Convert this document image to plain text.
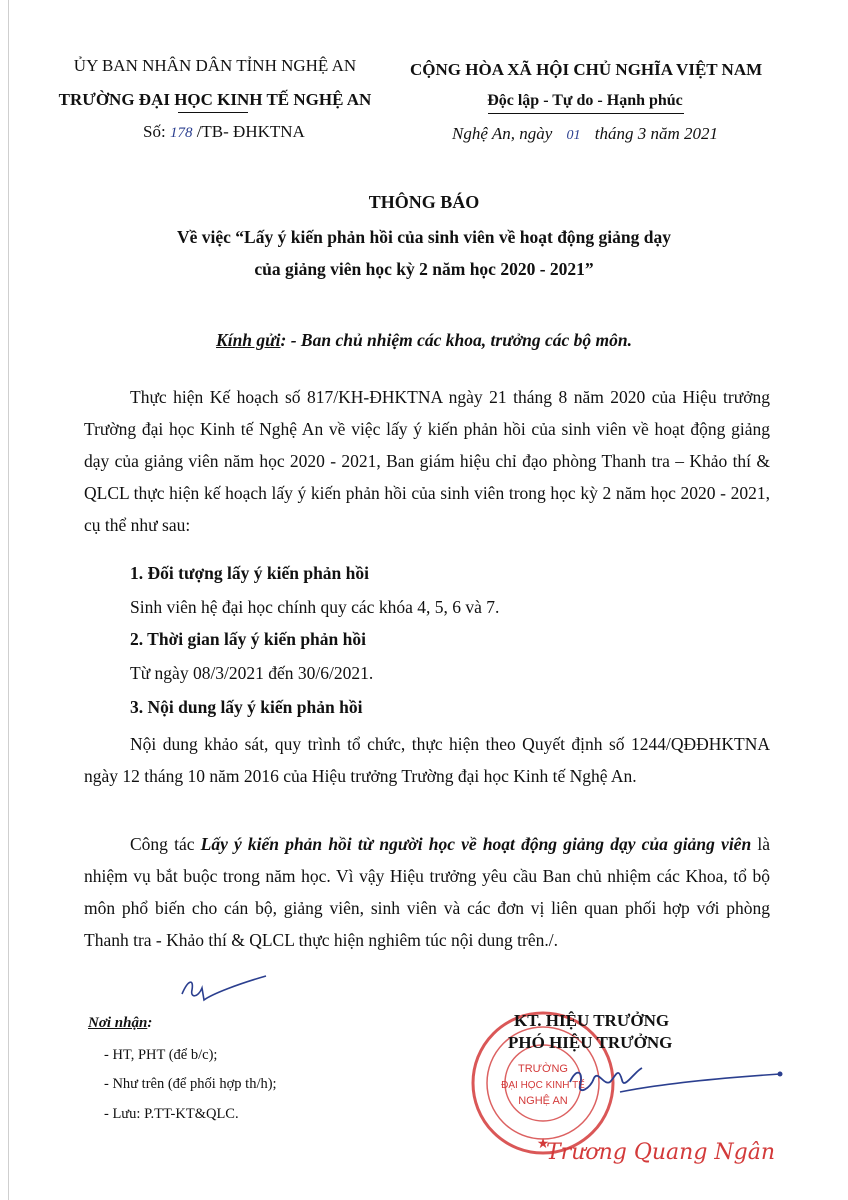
ỦY BAN NHÂN DÂN TỈNH NGHỆ AN
TRƯỜNG ĐẠI HỌC KINH TẾ NGHỆ AN
Số: 178 /TB- ĐHKTNA
CỘNG HÒA XÃ HỘI CHỦ NGHĨA VIỆT NAM
Độc lập - Tự do - Hạnh phúc
Nghệ An, ngày 01 tháng 3 năm 2021
THÔNG BÁO
Về việc “Lấy ý kiến phản hồi của sinh viên về hoạt động giảng dạy
của giảng viên học kỳ 2 năm học 2020 - 2021”
Kính gửi: - Ban chủ nhiệm các khoa, trưởng các bộ môn.
Thực hiện Kế hoạch số 817/KH-ĐHKTNA ngày 21 tháng 8 năm 2020 của Hiệu trưởng Trường đại học Kinh tế Nghệ An về việc lấy ý kiến phản hồi của sinh viên về hoạt động giảng dạy của giảng viên năm học 2020 - 2021, Ban giám hiệu chỉ đạo phòng Thanh tra – Khảo thí & QLCL thực hiện kế hoạch lấy ý kiến phản hồi của sinh viên trong học kỳ 2 năm học 2020 - 2021, cụ thể như sau:
1. Đối tượng lấy ý kiến phản hồi
Sinh viên hệ đại học chính quy các khóa 4, 5, 6 và 7.
2. Thời gian lấy ý kiến phản hồi
Từ ngày 08/3/2021 đến 30/6/2021.
3. Nội dung lấy ý kiến phản hồi
Nội dung khảo sát, quy trình tổ chức, thực hiện theo Quyết định số 1244/QĐĐHKTNA ngày 12 tháng 10 năm 2016 của Hiệu trưởng Trường đại học Kinh tế Nghệ An.
Công tác Lấy ý kiến phản hồi từ người học về hoạt động giảng dạy của giảng viên là nhiệm vụ bắt buộc trong năm học. Vì vậy Hiệu trưởng yêu cầu Ban chủ nhiệm các Khoa, tổ bộ môn phổ biến cho cán bộ, giảng viên, sinh viên và các đơn vị liên quan phối hợp với phòng Thanh tra - Khảo thí & QLCL thực hiện nghiêm túc nội dung trên./.
Nơi nhận:
- HT, PHT (để b/c);
- Như trên (để phối hợp th/h);
- Lưu: P.TT-KT&QLC.
TRƯỜNG
ĐẠI HỌC KINH TẾ
NGHỆ AN
★
KT. HIỆU TRƯỞNG
PHÓ HIỆU TRƯỞNG
Trương Quang Ngân
